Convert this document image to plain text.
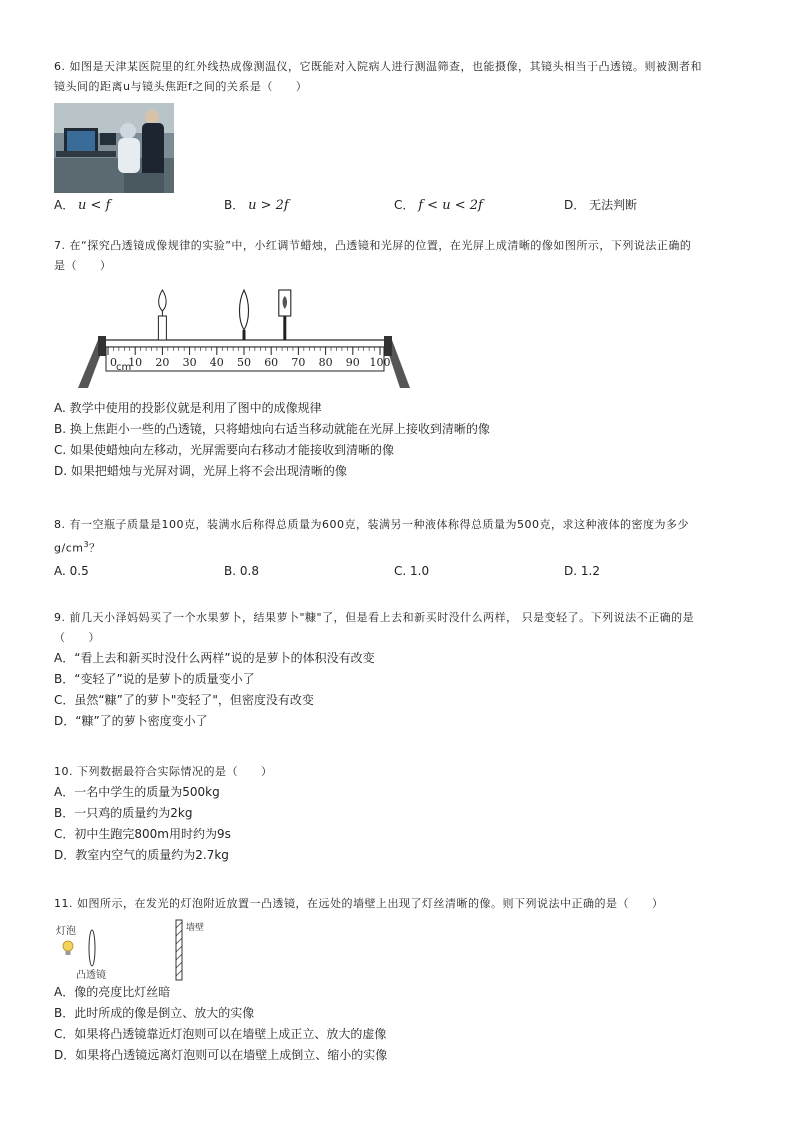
6. 如图是天津某医院里的红外线热成像测温仪，它既能对入院病人进行测温筛查，也能摄像，其镜头相当于凸透镜。则被测者和
镜头间的距离u与镜头焦距f之间的关系是（　　）
A． u < f	B． u > 2f	C． f < u < 2f	D． 无法判断
7. 在“探究凸透镜成像规律的实验”中，小红调节蜡烛，凸透镜和光屏的位置，在光屏上成清晰的像如图所示，下列说法正确的
是（　　）
0 10 20 30 40 50 60 70 80 90 100
cm
A. 教学中使用的投影仪就是利用了图中的成像规律
B. 换上焦距小一些的凸透镜，只将蜡烛向右适当移动就能在光屏上接收到清晰的像
C. 如果使蜡烛向左移动，光屏需要向右移动才能接收到清晰的像
D. 如果把蜡烛与光屏对调，光屏上将不会出现清晰的像
8. 有一空瓶子质量是100克，装满水后称得总质量为600克，装满另一种液体称得总质量为500克，求这种液体的密度为多少
$g/cm^3$？
A. 0.5	B. 0.8	C. 1.0	D. 1.2
9. 前几天小泽妈妈买了一个水果萝卜，结果萝卜"糠"了，但是看上去和新买时没什么两样， 只是变轻了。下列说法不正确的是
（　　）
A．“看上去和新买时没什么两样”说的是萝卜的体积没有改变
B．“变轻了”说的是萝卜的质量变小了
C．虽然“糠”了的萝卜"变轻了"，但密度没有改变
D．“糠”了的萝卜密度变小了
10. 下列数据最符合实际情况的是（　　）
A．一名中学生的质量为500kg
B．一只鸡的质量约为2kg
C．初中生跑完800m用时约为9s
D．教室内空气的质量约为2.7kg
11. 如图所示，在发光的灯泡附近放置一凸透镜，在远处的墙壁上出现了灯丝清晰的像。则下列说法中正确的是（　　）
灯泡
凸透镜
墙壁
A．像的亮度比灯丝暗
B．此时所成的像是倒立、放大的实像
C．如果将凸透镜靠近灯泡则可以在墙壁上成正立、放大的虚像
D．如果将凸透镜远离灯泡则可以在墙壁上成倒立、缩小的实像
